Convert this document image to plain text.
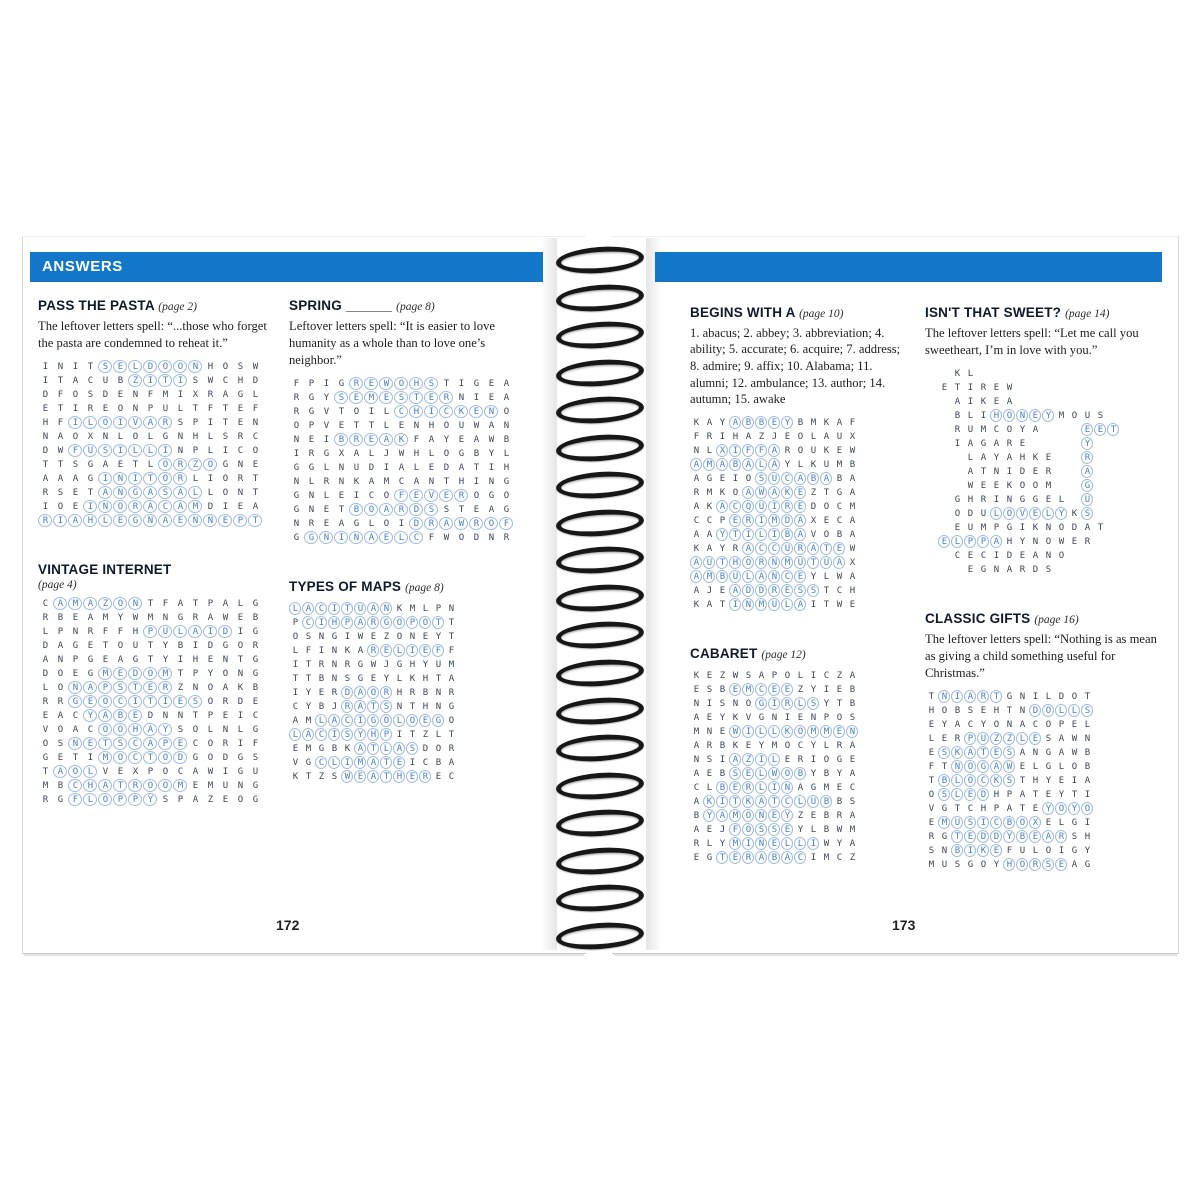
ANSWERS
PASS THE PASTA (page 2)
The leftover letters spell: “...those who forget the pasta are condemned to reheat it.”
I N I T S E L D O O N H O S W
I T A C U B Z I T I S W C H D
D F O S D E N F M I X R A G L
E T I R E O N P U L T F T E F
H F I L O I V A R S P I T E N
N A O X N L O L G N H L S R C
D W F U S I L L I N P L I C O
T T S G A E T L O R Z O G N E
A A A G I N I T O R L I O R T
R S E T A N G A S A L L O N T
I O E I N O R A C A M D I E A
R I A H L E G N A E N N E P T
VINTAGE INTERNET
(page 4)
C A M A Z O N T F A T P A L G
R B E A M Y W M N G R A W E B
L P N R F F H P U L A I D I G
D A G E T O U T Y B I D G O R
A N P G E A G T Y I H E N T G
D O E G M E D O M T P Y O N G
L O N A P S T E R Z N O A K B
R R G E O C I T I E S O R D E
E A C Y A B E D N N T P E I C
V O A C O O H A Y S O L N L G
O S N E T S C A P E C O R I F
G E T I M O C T O D G O D G S
T A O L V E X P O C A W I G U
M B C H A T R O O M E M U N G
R G F L O P P Y S P A Z E O G
SPRING ______ (page 8)
Leftover letters spell: “It is easier to love humanity as a whole than to love one’s neighbor.”
F P I G R E W O H S T I G E A
R G Y S E M E S T E R N I E A
R G V T O I L C H I C K E N O
O P V E T T L E N H O U W A N
N E I B R E A K F A Y E A W B
I R G X A L J W H L O G B Y L
G G L N U D I A L E D A T I H
N L R N K A M C A N T H I N G
G N L E I C O F E V E R O G O
G N E T B O A R D S S T E A G
N R E A G L O I D R A W R O F
G G N I N A E L C F W O D N R
TYPES OF MAPS (page 8)
L A C I T U A N K M L P N
P C I H P A R G O P O T T
O S N G I W E Z O N E Y T
L F I N K A R E L I E F F
I T R N R G W J G H Y U M
T T B N S G E Y L K H T A
I Y E R D A O R H R B N R
C Y B J R A T S N T H N G
A M L A C I G O L O E G O
L A C I S Y H P I T Z L T
E M G B K A T L A S D O R
V G C L I M A T E I C B A
K T Z S W E A T H E R E C
BEGINS WITH A (page 10)
1. abacus; 2. abbey; 3. abbreviation; 4. ability; 5. accurate; 6. acquire; 7. address; 8. admire; 9. affix; 10. Alabama; 11. alumni; 12. ambulance; 13. author; 14. autumn; 15. awake
K A Y A B B E Y B M K A F
F R I H A Z J E O L A U X
N L X I F F A R O U K E W
A M A B A L A Y L K U M B
A G E I O S U C A B A B A
R M K O A W A K E Z T G A
A K A C Q U I R E D O C M
C C P E R I M D A X E C A
A A Y T I L I B A V O B A
K A Y R A C C U R A T E W
A U T H O R N M U T U A X
A M B U L A N C E Y L W A
A J E A D D R E S S T C H
K A T I N M U L A I T W E
CABARET (page 12)
K E Z W S A P O L I C Z A
E S B E M C E E Z Y I E B
N I S N O G I R L S Y T B
A E Y K V G N I E N P O S
M N E W I L L K O M M E N
A R B K E Y M O C Y L R A
N S I A Z I L E R I O G E
A E B S E L W O B Y B Y A
C L B E R L I N A G M E C
A K I T K A T C L U B B S
B Y A M O N E Y Z E B R A
A E J F O S S E Y L B W M
R L Y M I N E L L I W Y A
E G T E R A B A C I M C Z
ISN'T THAT SWEET? (page 14)
The leftover letters spell: “Let me call you sweetheart, I’m in love with you.”
K L
E T I R E W
A I K E A
B L I H O N E Y M O U S
R U M C O Y A	E E T
I A G A R E	Y
L A Y A H K E	R
A T N I D E R	A
W E E K O O M	G
G H R I N G G E L U
O D U L O V E L Y K S
E U M P G I K N O D A T
E L P P A H Y N O W E R
C E C I D E A N O
E G N A R D S
CLASSIC GIFTS (page 16)
The leftover letters spell: “Nothing is as mean as giving a child something useful for Christmas.”
T N I A R T G N I L D O T
H O B S E H T N D O L L S
E Y A C Y O N A C O P E L
L E R P U Z Z L E S A W N
E S K A T E S A N G A W B
F T N O G A W E L G L O B
T B L O C K S T H Y E I A
O S L E D H P A T E Y T I
V G T C H P A T E Y O Y O
E M U S I C B O X E L G I
R G T E D D Y B E A R S H
S N B I K E F U L O I G Y
M U S G O Y H O R S E A G
172	173
